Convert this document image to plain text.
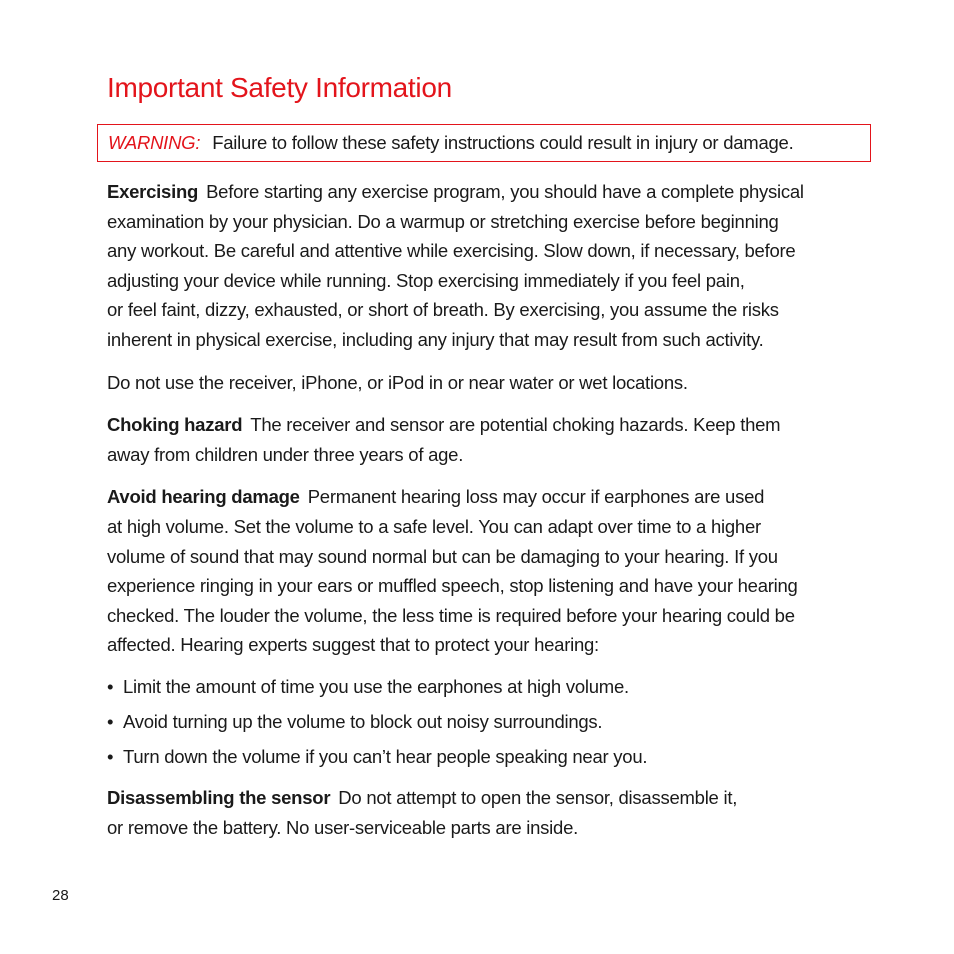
Important Safety Information
WARNING: Failure to follow these safety instructions could result in injury or damage.

Exercising Before starting any exercise program, you should have a complete physical
examination by your physician. Do a warmup or stretching exercise before beginning
any workout. Be careful and attentive while exercising. Slow down, if necessary, before
adjusting your device while running. Stop exercising immediately if you feel pain,
or feel faint, dizzy, exhausted, or short of breath. By exercising, you assume the risks
inherent in physical exercise, including any injury that may result from such activity.

Do not use the receiver, iPhone, or iPod in or near water or wet locations.

Choking hazard The receiver and sensor are potential choking hazards. Keep them
away from children under three years of age.

Avoid hearing damage Permanent hearing loss may occur if earphones are used
at high volume. Set the volume to a safe level. You can adapt over time to a higher
volume of sound that may sound normal but can be damaging to your hearing. If you
experience ringing in your ears or muffled speech, stop listening and have your hearing
checked. The louder the volume, the less time is required before your hearing could be
affected. Hearing experts suggest that to protect your hearing:

• Limit the amount of time you use the earphones at high volume.
• Avoid turning up the volume to block out noisy surroundings.
• Turn down the volume if you can’t hear people speaking near you.

Disassembling the sensor Do not attempt to open the sensor, disassemble it,
or remove the battery. No user-serviceable parts are inside.

28
